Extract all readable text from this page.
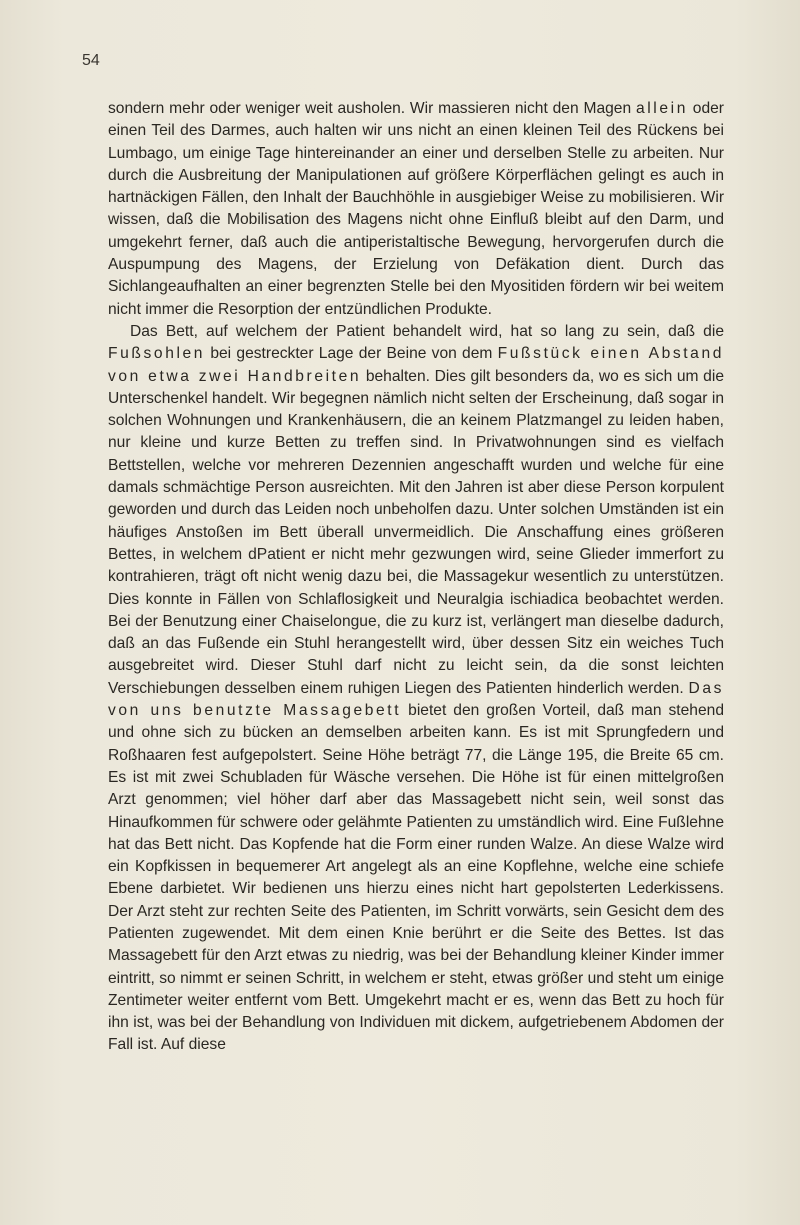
54

sondern mehr oder weniger weit ausholen. Wir massieren nicht den Magen allein oder einen Teil des Darmes, auch halten wir uns nicht an einen kleinen Teil des Rückens bei Lumbago, um einige Tage hintereinander an einer und derselben Stelle zu arbeiten. Nur durch die Ausbreitung der Manipulationen auf größere Körperflächen gelingt es auch in hartnäckigen Fällen, den Inhalt der Bauchhöhle in ausgiebiger Weise zu mobilisieren. Wir wissen, daß die Mobilisation des Magens nicht ohne Einfluß bleibt auf den Darm, und umgekehrt ferner, daß auch die antiperistaltische Bewegung, hervorgerufen durch die Auspumpung des Magens, der Erzielung von Defäkation dient. Durch das Sichlangeaufhalten an einer begrenzten Stelle bei den Myositiden fördern wir bei weitem nicht immer die Resorption der entzündlichen Produkte.

Das Bett, auf welchem der Patient behandelt wird, hat so lang zu sein, daß die Fußsohlen bei gestreckter Lage der Beine von dem Fußstück einen Abstand von etwa zwei Handbreiten behalten. Dies gilt besonders da, wo es sich um die Unterschenkel handelt. Wir begegnen nämlich nicht selten der Erscheinung, daß sogar in solchen Wohnungen und Krankenhäusern, die an keinem Platzmangel zu leiden haben, nur kleine und kurze Betten zu treffen sind. In Privatwohnungen sind es vielfach Bettstellen, welche vor mehreren Dezennien angeschafft wurden und welche für eine damals schmächtige Person ausreichten. Mit den Jahren ist aber diese Person korpulent geworden und durch das Leiden noch unbeholfen dazu. Unter solchen Umständen ist ein häufiges Anstoßen im Bett überall unvermeidlich. Die Anschaffung eines größeren Bettes, in welchem dPatient er nicht mehr gezwungen wird, seine Glieder immerfort zu kontrahieren, trägt oft nicht wenig dazu bei, die Massagekur wesentlich zu unterstützen. Dies konnte in Fällen von Schlaflosigkeit und Neuralgia ischiadica beobachtet werden. Bei der Benutzung einer Chaiselongue, die zu kurz ist, verlängert man dieselbe dadurch, daß an das Fußende ein Stuhl herangestellt wird, über dessen Sitz ein weiches Tuch ausgebreitet wird. Dieser Stuhl darf nicht zu leicht sein, da die sonst leichten Verschiebungen desselben einem ruhigen Liegen des Patienten hinderlich werden. Das von uns benutzte Massagebett bietet den großen Vorteil, daß man stehend und ohne sich zu bücken an demselben arbeiten kann. Es ist mit Sprungfedern und Roßhaaren fest aufgepolstert. Seine Höhe beträgt 77, die Länge 195, die Breite 65 cm. Es ist mit zwei Schubladen für Wäsche versehen. Die Höhe ist für einen mittelgroßen Arzt genommen; viel höher darf aber das Massagebett nicht sein, weil sonst das Hinaufkommen für schwere oder gelähmte Patienten zu umständlich wird. Eine Fußlehne hat das Bett nicht. Das Kopfende hat die Form einer runden Walze. An diese Walze wird ein Kopfkissen in bequemerer Art angelegt als an eine Kopflehne, welche eine schiefe Ebene darbietet. Wir bedienen uns hierzu eines nicht hart gepolsterten Lederkissens. Der Arzt steht zur rechten Seite des Patienten, im Schritt vorwärts, sein Gesicht dem des Patienten zugewendet. Mit dem einen Knie berührt er die Seite des Bettes. Ist das Massagebett für den Arzt etwas zu niedrig, was bei der Behandlung kleiner Kinder immer eintritt, so nimmt er seinen Schritt, in welchem er steht, etwas größer und steht um einige Zentimeter weiter entfernt vom Bett. Umgekehrt macht er es, wenn das Bett zu hoch für ihn ist, was bei der Behandlung von Individuen mit dickem, aufgetriebenem Abdomen der Fall ist. Auf diese
